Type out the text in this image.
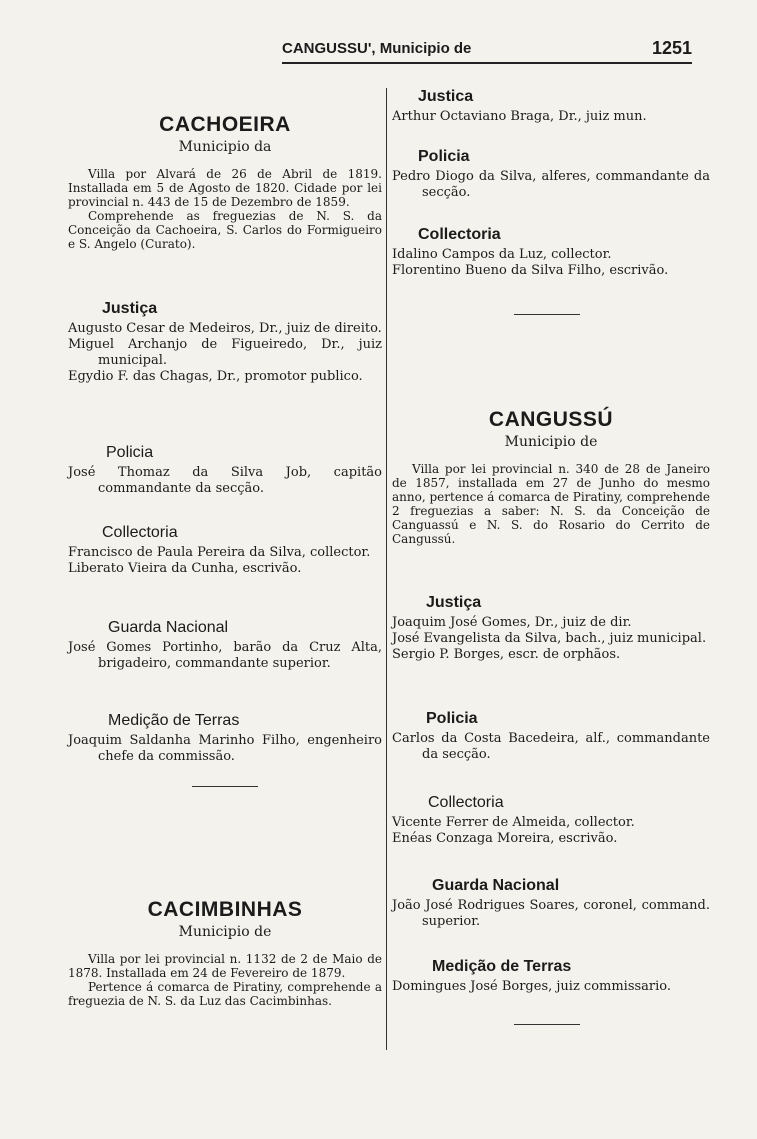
CANGUSSU', Municipio de	1251
CACHOEIRA
Municipio da

Villa por Alvará de 26 de Abril de 1819. Installada em 5 de Agosto de 1820. Cidade por lei provincial n. 443 de 15 de Dezembro de 1859.

Comprehende as freguezias de N. S. da Conceição da Cachoeira, S. Carlos do Formigueiro e S. Angelo (Curato).

Justiça
Augusto Cesar de Medeiros, Dr., juiz de direito.
Miguel Archanjo de Figueiredo, Dr., juiz municipal.
Egydio F. das Chagas, Dr., promotor publico.
Policia
José Thomaz da Silva Job, capitão commandante da secção.
Collectoria
Francisco de Paula Pereira da Silva, collector.
Liberato Vieira da Cunha, escrivão.
Guarda Nacional
José Gomes Portinho, barão da Cruz Alta, brigadeiro, commandante superior.
Medição de Terras
Joaquim Saldanha Marinho Filho, engenheiro chefe da commissão.
CACIMBINHAS
Municipio de

Villa por lei provincial n. 1132 de 2 de Maio de 1878. Installada em 24 de Fevereiro de 1879.

Pertence á comarca de Piratiny, comprehende a freguezia de N. S. da Luz das Cacimbinhas.

Justica
Arthur Octaviano Braga, Dr., juiz mun.
Policia
Pedro Diogo da Silva, alferes, commandante da secção.
Collectoria
Idalino Campos da Luz, collector.
Florentino Bueno da Silva Filho, escrivão.
CANGUSSÚ
Municipio de

Villa por lei provincial n. 340 de 28 de Janeiro de 1857, installada em 27 de Junho do mesmo anno, pertence á comarca de Piratiny, comprehende 2 freguezias a saber: N. S. da Conceição de Canguassú e N. S. do Rosario do Cerrito de Cangussú.

Justiça
Joaquim José Gomes, Dr., juiz de dir.
José Evangelista da Silva, bach., juiz municipal.
Sergio P. Borges, escr. de orphãos.
Policia
Carlos da Costa Bacedeira, alf., commandante da secção.
Collectoria
Vicente Ferrer de Almeida, collector.
Enéas Conzaga Moreira, escrivão.
Guarda Nacional
João José Rodrigues Soares, coronel, command. superior.
Medição de Terras
Domingues José Borges, juiz commissario.
